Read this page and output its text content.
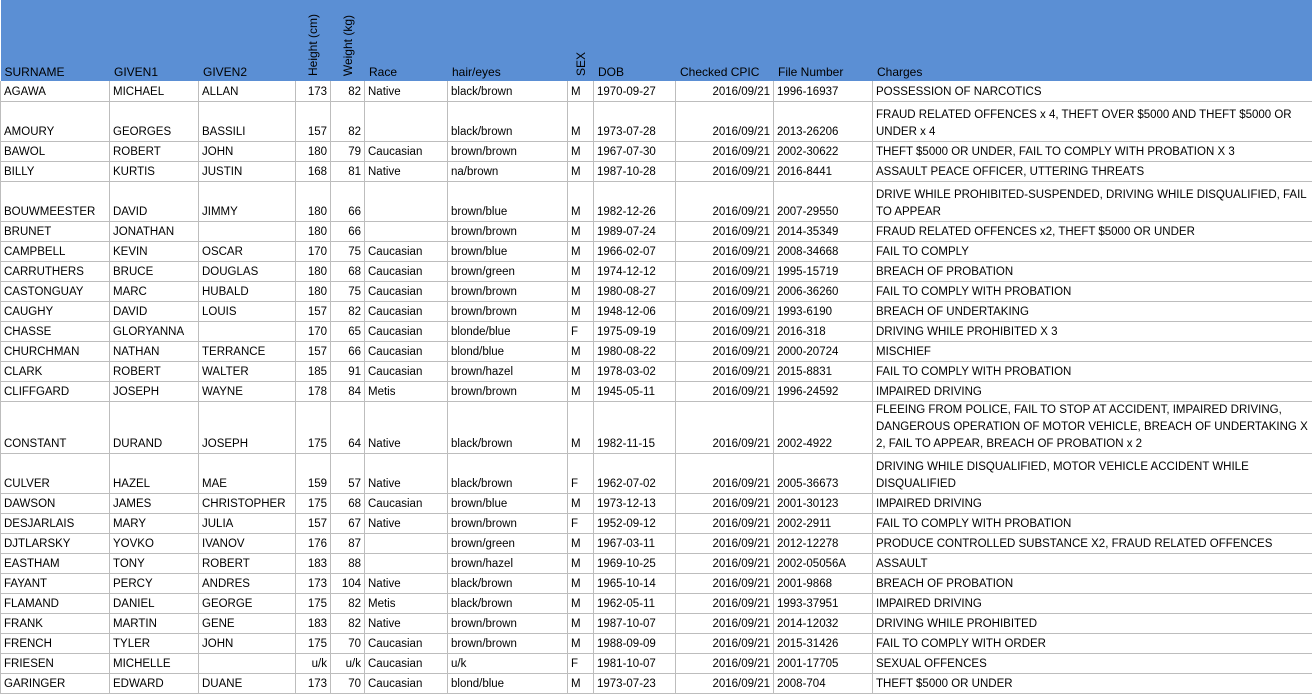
SURNAME	GIVEN1	GIVEN2	Height (cm)	Weight (kg)	Race	hair/eyes	SEX	DOB	Checked CPIC	File Number	Charges
AGAWA	MICHAEL	ALLAN	173	82	Native	black/brown	M	1970-09-27	2016/09/21	1996-16937	POSSESSION OF NARCOTICS
AMOURY	GEORGES	BASSILI	157	82		black/brown	M	1973-07-28	2016/09/21	2013-26206	FRAUD RELATED OFFENCES x 4, THEFT OVER $5000 AND THEFT $5000 OR UNDER x 4
BAWOL	ROBERT	JOHN	180	79	Caucasian	brown/brown	M	1967-07-30	2016/09/21	2002-30622	THEFT $5000 OR UNDER, FAIL TO COMPLY WITH PROBATION X 3
BILLY	KURTIS	JUSTIN	168	81	Native	na/brown	M	1987-10-28	2016/09/21	2016-8441	ASSAULT PEACE OFFICER, UTTERING THREATS
BOUWMEESTER	DAVID	JIMMY	180	66		brown/blue	M	1982-12-26	2016/09/21	2007-29550	DRIVE WHILE PROHIBITED-SUSPENDED, DRIVING WHILE DISQUALIFIED, FAIL TO APPEAR
BRUNET	JONATHAN		180	66		brown/brown	M	1989-07-24	2016/09/21	2014-35349	FRAUD RELATED OFFENCES x2, THEFT $5000 OR UNDER
CAMPBELL	KEVIN	OSCAR	170	75	Caucasian	brown/blue	M	1966-02-07	2016/09/21	2008-34668	FAIL TO COMPLY
CARRUTHERS	BRUCE	DOUGLAS	180	68	Caucasian	brown/green	M	1974-12-12	2016/09/21	1995-15719	BREACH OF PROBATION
CASTONGUAY	MARC	HUBALD	180	75	Caucasian	brown/brown	M	1980-08-27	2016/09/21	2006-36260	FAIL TO COMPLY WITH PROBATION
CAUGHY	DAVID	LOUIS	157	82	Caucasian	brown/brown	M	1948-12-06	2016/09/21	1993-6190	BREACH OF UNDERTAKING
CHASSE	GLORYANNA		170	65	Caucasian	blonde/blue	F	1975-09-19	2016/09/21	2016-318	DRIVING WHILE PROHIBITED X 3
CHURCHMAN	NATHAN	TERRANCE	157	66	Caucasian	blond/blue	M	1980-08-22	2016/09/21	2000-20724	MISCHIEF
CLARK	ROBERT	WALTER	185	91	Caucasian	brown/hazel	M	1978-03-02	2016/09/21	2015-8831	FAIL TO COMPLY WITH PROBATION
CLIFFGARD	JOSEPH	WAYNE	178	84	Metis	brown/brown	M	1945-05-11	2016/09/21	1996-24592	IMPAIRED DRIVING
CONSTANT	DURAND	JOSEPH	175	64	Native	black/brown	M	1982-11-15	2016/09/21	2002-4922	FLEEING FROM POLICE, FAIL TO STOP AT ACCIDENT, IMPAIRED DRIVING, DANGEROUS OPERATION OF MOTOR VEHICLE, BREACH OF UNDERTAKING X 2, FAIL TO APPEAR, BREACH OF PROBATION x 2
CULVER	HAZEL	MAE	159	57	Native	black/brown	F	1962-07-02	2016/09/21	2005-36673	DRIVING WHILE DISQUALIFIED, MOTOR VEHICLE ACCIDENT WHILE DISQUALIFIED
DAWSON	JAMES	CHRISTOPHER	175	68	Caucasian	brown/blue	M	1973-12-13	2016/09/21	2001-30123	IMPAIRED DRIVING
DESJARLAIS	MARY	JULIA	157	67	Native	brown/brown	F	1952-09-12	2016/09/21	2002-2911	FAIL TO COMPLY WITH PROBATION
DJTLARSKY	YOVKO	IVANOV	176	87		brown/green	M	1967-03-11	2016/09/21	2012-12278	PRODUCE CONTROLLED SUBSTANCE X2, FRAUD RELATED OFFENCES
EASTHAM	TONY	ROBERT	183	88		brown/hazel	M	1969-10-25	2016/09/21	2002-05056A	ASSAULT
FAYANT	PERCY	ANDRES	173	104	Native	black/brown	M	1965-10-14	2016/09/21	2001-9868	BREACH OF PROBATION
FLAMAND	DANIEL	GEORGE	175	82	Metis	black/brown	M	1962-05-11	2016/09/21	1993-37951	IMPAIRED DRIVING
FRANK	MARTIN	GENE	183	82	Native	brown/brown	M	1987-10-07	2016/09/21	2014-12032	DRIVING WHILE PROHIBITED
FRENCH	TYLER	JOHN	175	70	Caucasian	brown/brown	M	1988-09-09	2016/09/21	2015-31426	FAIL TO COMPLY WITH ORDER
FRIESEN	MICHELLE		u/k	u/k	Caucasian	u/k	F	1981-10-07	2016/09/21	2001-17705	SEXUAL OFFENCES
GARINGER	EDWARD	DUANE	173	70	Caucasian	blond/blue	M	1973-07-23	2016/09/21	2008-704	THEFT $5000 OR UNDER
